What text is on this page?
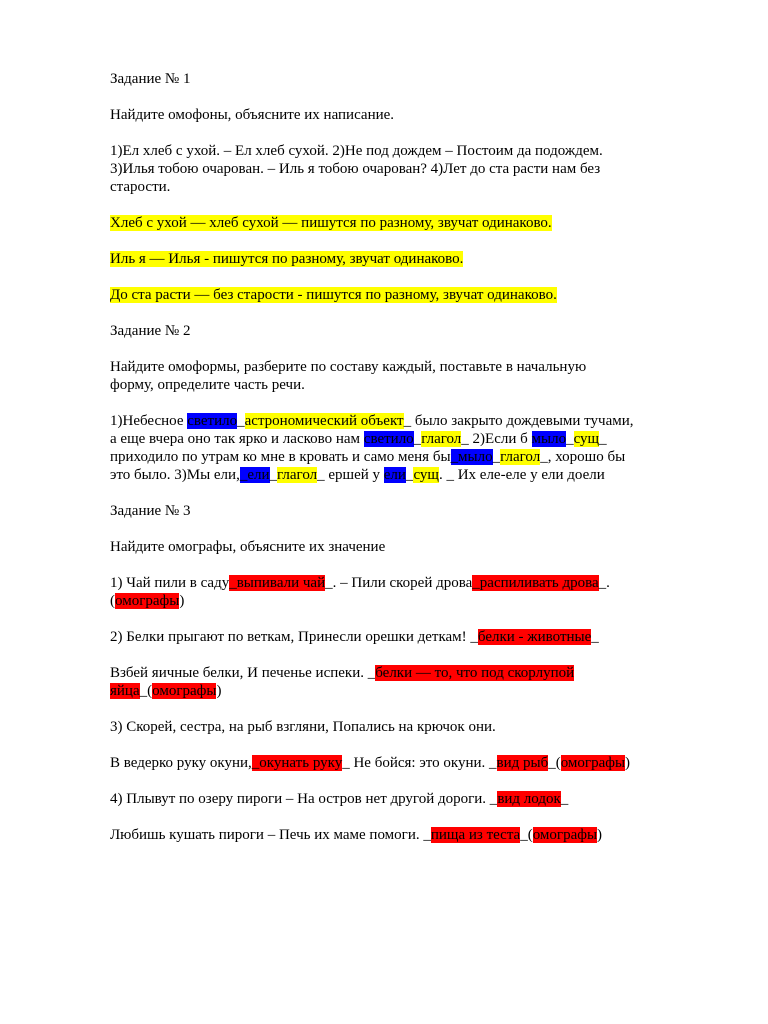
Задание № 1

Найдите омофоны, объясните их написание.

1)Ел хлеб с ухой. – Ел хлеб сухой. 2)Не под дождем – Постоим да подождем.
3)Илья тобою очарован. – Иль я тобою очарован? 4)Лет до ста расти нам без
старости.

Хлеб с ухой — хлеб сухой — пишутся по разному, звучат одинаково.

Иль я — Илья - пишутся по разному, звучат одинаково.

До ста расти — без старости - пишутся по разному, звучат одинаково.

Задание № 2

Найдите омоформы, разберите по составу каждый, поставьте в начальную
форму, определите часть речи.

1)Небесное светило_астрономический объект_ было закрыто дождевыми тучами,
а еще вчера оно так ярко и ласково нам светило_глагол_ 2)Если б мыло_сущ_
приходило по утрам ко мне в кровать и само меня бы_мыло_глагол_, хорошо бы
это было. 3)Мы ели,_ели_глагол_ ершей у ели_сущ. _ Их еле-еле у ели доели

Задание № 3

Найдите омографы, объясните их значение

1) Чай пили в саду_выпивали чай_. – Пили скорей дрова_распиливать дрова_.
(омографы)

2) Белки прыгают по веткам, Принесли орешки деткам! _белки - животные_

Взбей яичные белки, И печенье испеки. _белки — то, что под скорлупой
яйца_(омографы)

3) Скорей, сестра, на рыб взгляни, Попались на крючок они.

В ведерко руку окуни,_окунать руку_ Не бойся: это окуни. _вид рыб_(омографы)

4) Плывут по озеру пироги – На остров нет другой дороги. _вид лодок_

Любишь кушать пироги – Печь их маме помоги. _пища из теста_(омографы)
